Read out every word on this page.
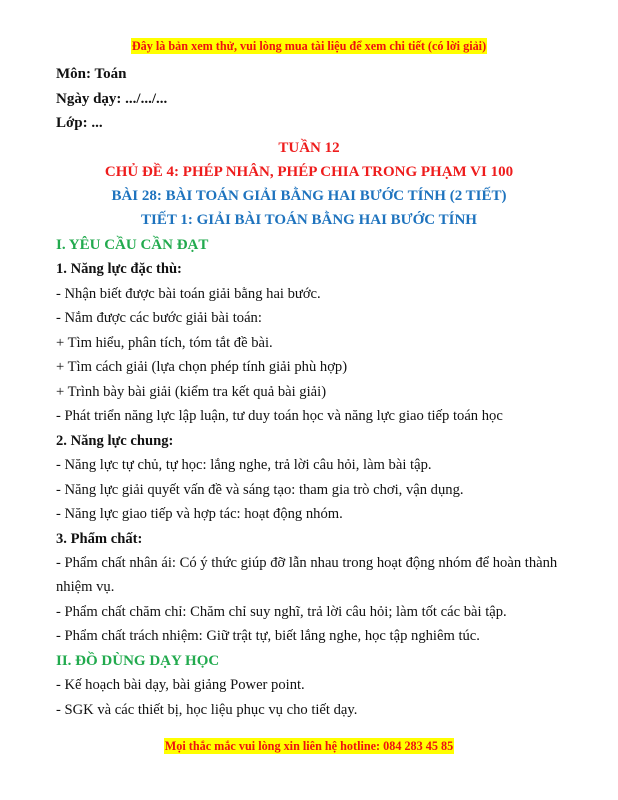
Đây là bản xem thử, vui lòng mua tài liệu để xem chi tiết (có lời giải)
Môn: Toán
Ngày dạy: .../.../...
Lớp: ...
TUẦN 12
CHỦ ĐỀ 4: PHÉP NHÂN, PHÉP CHIA TRONG PHẠM VI 100
BÀI 28: BÀI TOÁN GIẢI BẰNG HAI BƯỚC TÍNH (2 TIẾT)
TIẾT 1: GIẢI BÀI TOÁN BẰNG HAI BƯỚC TÍNH
I. YÊU CẦU CẦN ĐẠT
1. Năng lực đặc thù:
- Nhận biết được bài toán giải bằng hai bước.
- Nắm được các bước giải bài toán:
+ Tìm hiểu, phân tích, tóm tắt đề bài.
+ Tìm cách giải (lựa chọn phép tính giải phù hợp)
+ Trình bày bài giải (kiểm tra kết quả bài giải)
- Phát triển năng lực lập luận, tư duy toán học và năng lực giao tiếp toán học
2. Năng lực chung:
- Năng lực tự chủ, tự học: lắng nghe, trả lời câu hỏi, làm bài tập.
- Năng lực giải quyết vấn đề và sáng tạo: tham gia trò chơi, vận dụng.
- Năng lực giao tiếp và hợp tác: hoạt động nhóm.
3. Phẩm chất:
- Phẩm chất nhân ái: Có ý thức giúp đỡ lẫn nhau trong hoạt động nhóm để hoàn thành
nhiệm vụ.
- Phẩm chất chăm chỉ: Chăm chỉ suy nghĩ, trả lời câu hỏi; làm tốt các bài tập.
- Phẩm chất trách nhiệm: Giữ trật tự, biết lắng nghe, học tập nghiêm túc.
II. ĐỒ DÙNG DẠY HỌC
- Kế hoạch bài dạy, bài giảng Power point.
- SGK và các thiết bị, học liệu phục vụ cho tiết dạy.
Mọi thắc mắc vui lòng xin liên hệ hotline: 084 283 45 85
